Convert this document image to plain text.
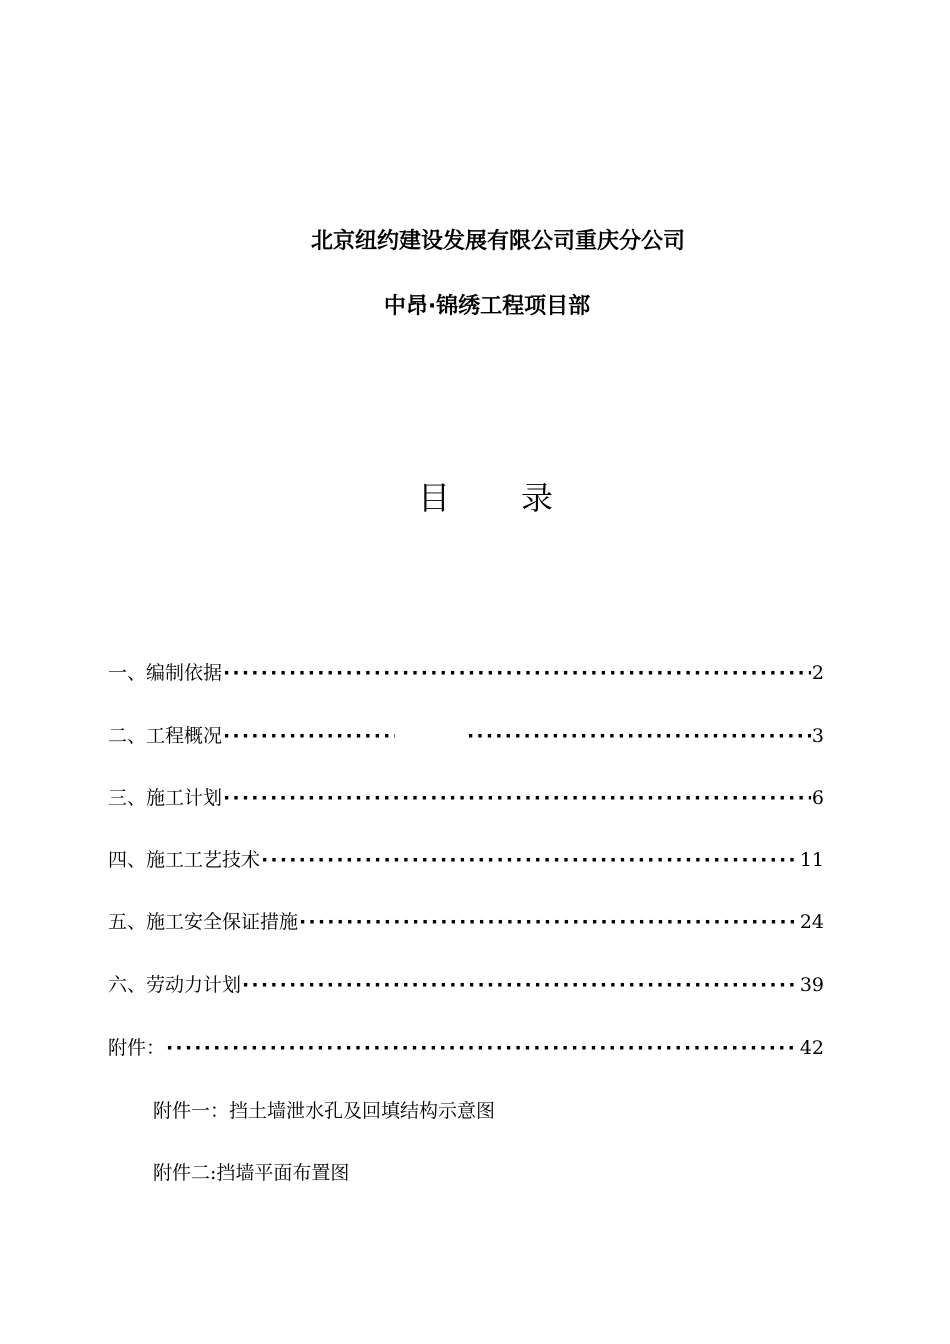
北京纽约建设发展有限公司重庆分公司
中昂·锦绣工程项目部
目 录
一、编制依据 ·····	2
二、工程概况 ····· ·····	3
三、施工计划 ·····	6
四、施工工艺技术 ·····	11
五、施工安全保证措施 ·····	24
六、劳动力计划 ·····	39
附件： ·····	42
附件一：挡土墙泄水孔及回填结构示意图
附件二:挡墙平面布置图
